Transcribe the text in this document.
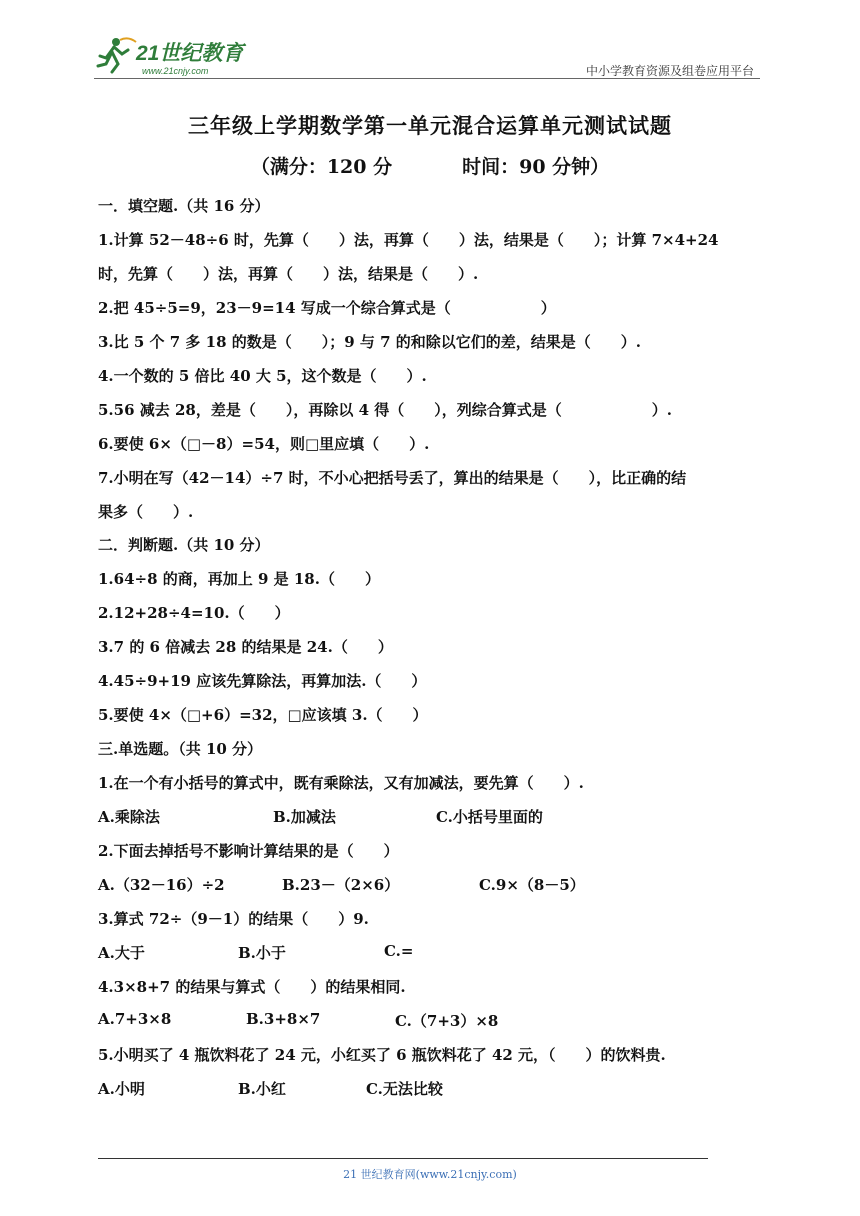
21世纪教育
www.21cnjy.com	中小学教育资源及组卷应用平台
三年级上学期数学第一单元混合运算单元测试试题
（满分：120 分	时间：90 分钟）
一．填空题.（共 16 分）
1.计算 52－48÷6 时，先算（　　）法，再算（　　）法，结果是（　　）；计算 7×4+24
时，先算（　　）法，再算（　　）法，结果是（　　）.
2.把 45÷5=9，23－9=14 写成一个综合算式是（　　　　　　）
3.比 5 个 7 多 18 的数是（　　）；9 与 7 的和除以它们的差，结果是（　　）.
4.一个数的 5 倍比 40 大 5，这个数是（　　）.
5.56 减去 28，差是（　　），再除以 4 得（　　），列综合算式是（　　　　　　）.
6.要使 6×（□－8）=54，则□里应填（　　）.
7.小明在写（42－14）÷7 时，不小心把括号丢了，算出的结果是（　　），比正确的结
果多（　　）.
二．判断题.（共 10 分）
1.64÷8 的商，再加上 9 是 18.（　　）
2.12+28÷4=10.（　　）
3.7 的 6 倍减去 28 的结果是 24.（　　）
4.45÷9+19 应该先算除法，再算加法.（　　）
5.要使 4×（□+6）=32，□应该填 3.（　　）
三.单选题。（共 10 分）
1.在一个有小括号的算式中，既有乘除法，又有加减法，要先算（　　）.

A.乘除法

	B.加减法

	C.小括号里面的

2.下面去掉括号不影响计算结果的是（　　）

A.（32－16）÷2

	B.23－（2×6）

	C.9×（8－5）

3.算式 72÷（9－1）的结果（　　）9.

A.大于

	B.小于

	C.=

4.3×8+7 的结果与算式（　　）的结果相同.

A.7+3×8

	B.3+8×7

	C.（7+3）×8

5.小明买了 4 瓶饮料花了 24 元，小红买了 6 瓶饮料花了 42 元，（　　）的饮料贵.

A.小明

	B.小红

	C.无法比较

21 世纪教育网(www.21cnjy.com)
